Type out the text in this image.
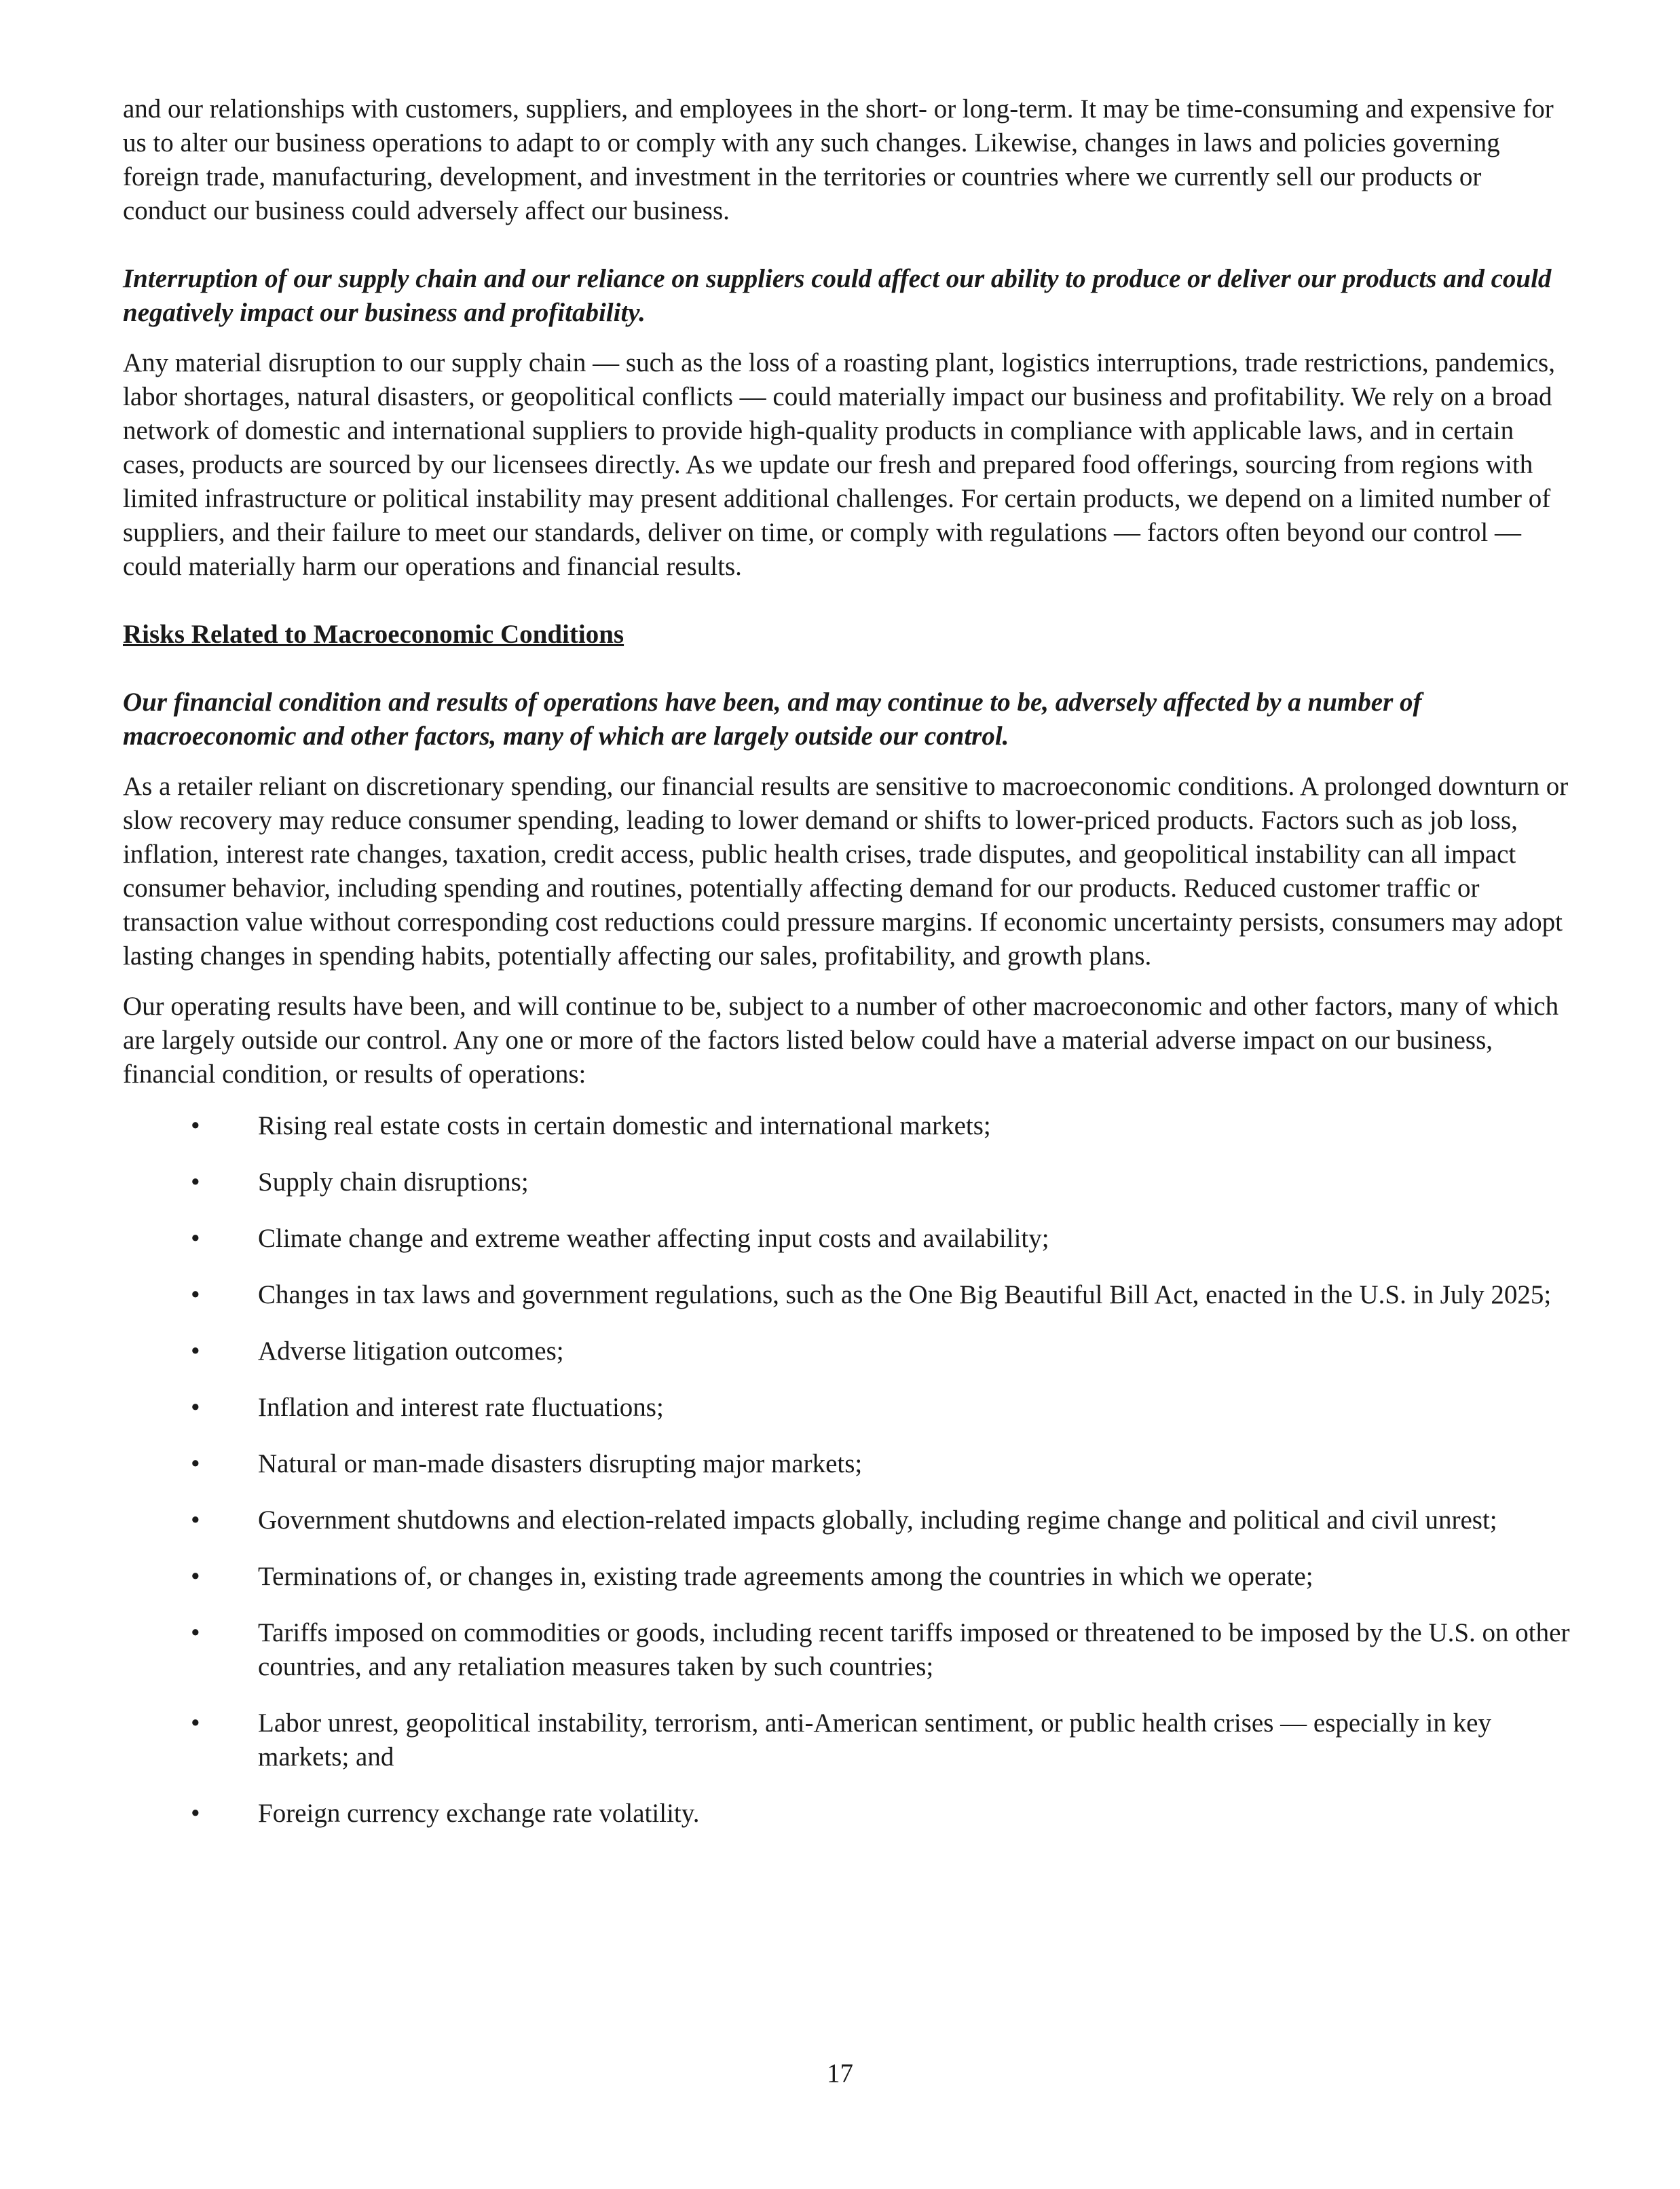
and our relationships with customers, suppliers, and employees in the short- or long-term. It may be time-consuming and expensive for us to alter our business operations to adapt to or comply with any such changes. Likewise, changes in laws and policies governing foreign trade, manufacturing, development, and investment in the territories or countries where we currently sell our products or conduct our business could adversely affect our business.

Interruption of our supply chain and our reliance on suppliers could affect our ability to produce or deliver our products and could negatively impact our business and profitability.

Any material disruption to our supply chain — such as the loss of a roasting plant, logistics interruptions, trade restrictions, pandemics, labor shortages, natural disasters, or geopolitical conflicts — could materially impact our business and profitability. We rely on a broad network of domestic and international suppliers to provide high-quality products in compliance with applicable laws, and in certain cases, products are sourced by our licensees directly. As we update our fresh and prepared food offerings, sourcing from regions with limited infrastructure or political instability may present additional challenges. For certain products, we depend on a limited number of suppliers, and their failure to meet our standards, deliver on time, or comply with regulations — factors often beyond our control — could materially harm our operations and financial results.

Risks Related to Macroeconomic Conditions

Our financial condition and results of operations have been, and may continue to be, adversely affected by a number of macroeconomic and other factors, many of which are largely outside our control.

As a retailer reliant on discretionary spending, our financial results are sensitive to macroeconomic conditions. A prolonged downturn or slow recovery may reduce consumer spending, leading to lower demand or shifts to lower-priced products. Factors such as job loss, inflation, interest rate changes, taxation, credit access, public health crises, trade disputes, and geopolitical instability can all impact consumer behavior, including spending and routines, potentially affecting demand for our products. Reduced customer traffic or transaction value without corresponding cost reductions could pressure margins. If economic uncertainty persists, consumers may adopt lasting changes in spending habits, potentially affecting our sales, profitability, and growth plans.

Our operating results have been, and will continue to be, subject to a number of other macroeconomic and other factors, many of which are largely outside our control. Any one or more of the factors listed below could have a material adverse impact on our business, financial condition, or results of operations:

• Rising real estate costs in certain domestic and international markets;
• Supply chain disruptions;
• Climate change and extreme weather affecting input costs and availability;
• Changes in tax laws and government regulations, such as the One Big Beautiful Bill Act, enacted in the U.S. in July 2025;
• Adverse litigation outcomes;
• Inflation and interest rate fluctuations;
• Natural or man-made disasters disrupting major markets;
• Government shutdowns and election-related impacts globally, including regime change and political and civil unrest;
• Terminations of, or changes in, existing trade agreements among the countries in which we operate;
• Tariffs imposed on commodities or goods, including recent tariffs imposed or threatened to be imposed by the U.S. on other countries, and any retaliation measures taken by such countries;
• Labor unrest, geopolitical instability, terrorism, anti-American sentiment, or public health crises — especially in key markets; and
• Foreign currency exchange rate volatility.
17
